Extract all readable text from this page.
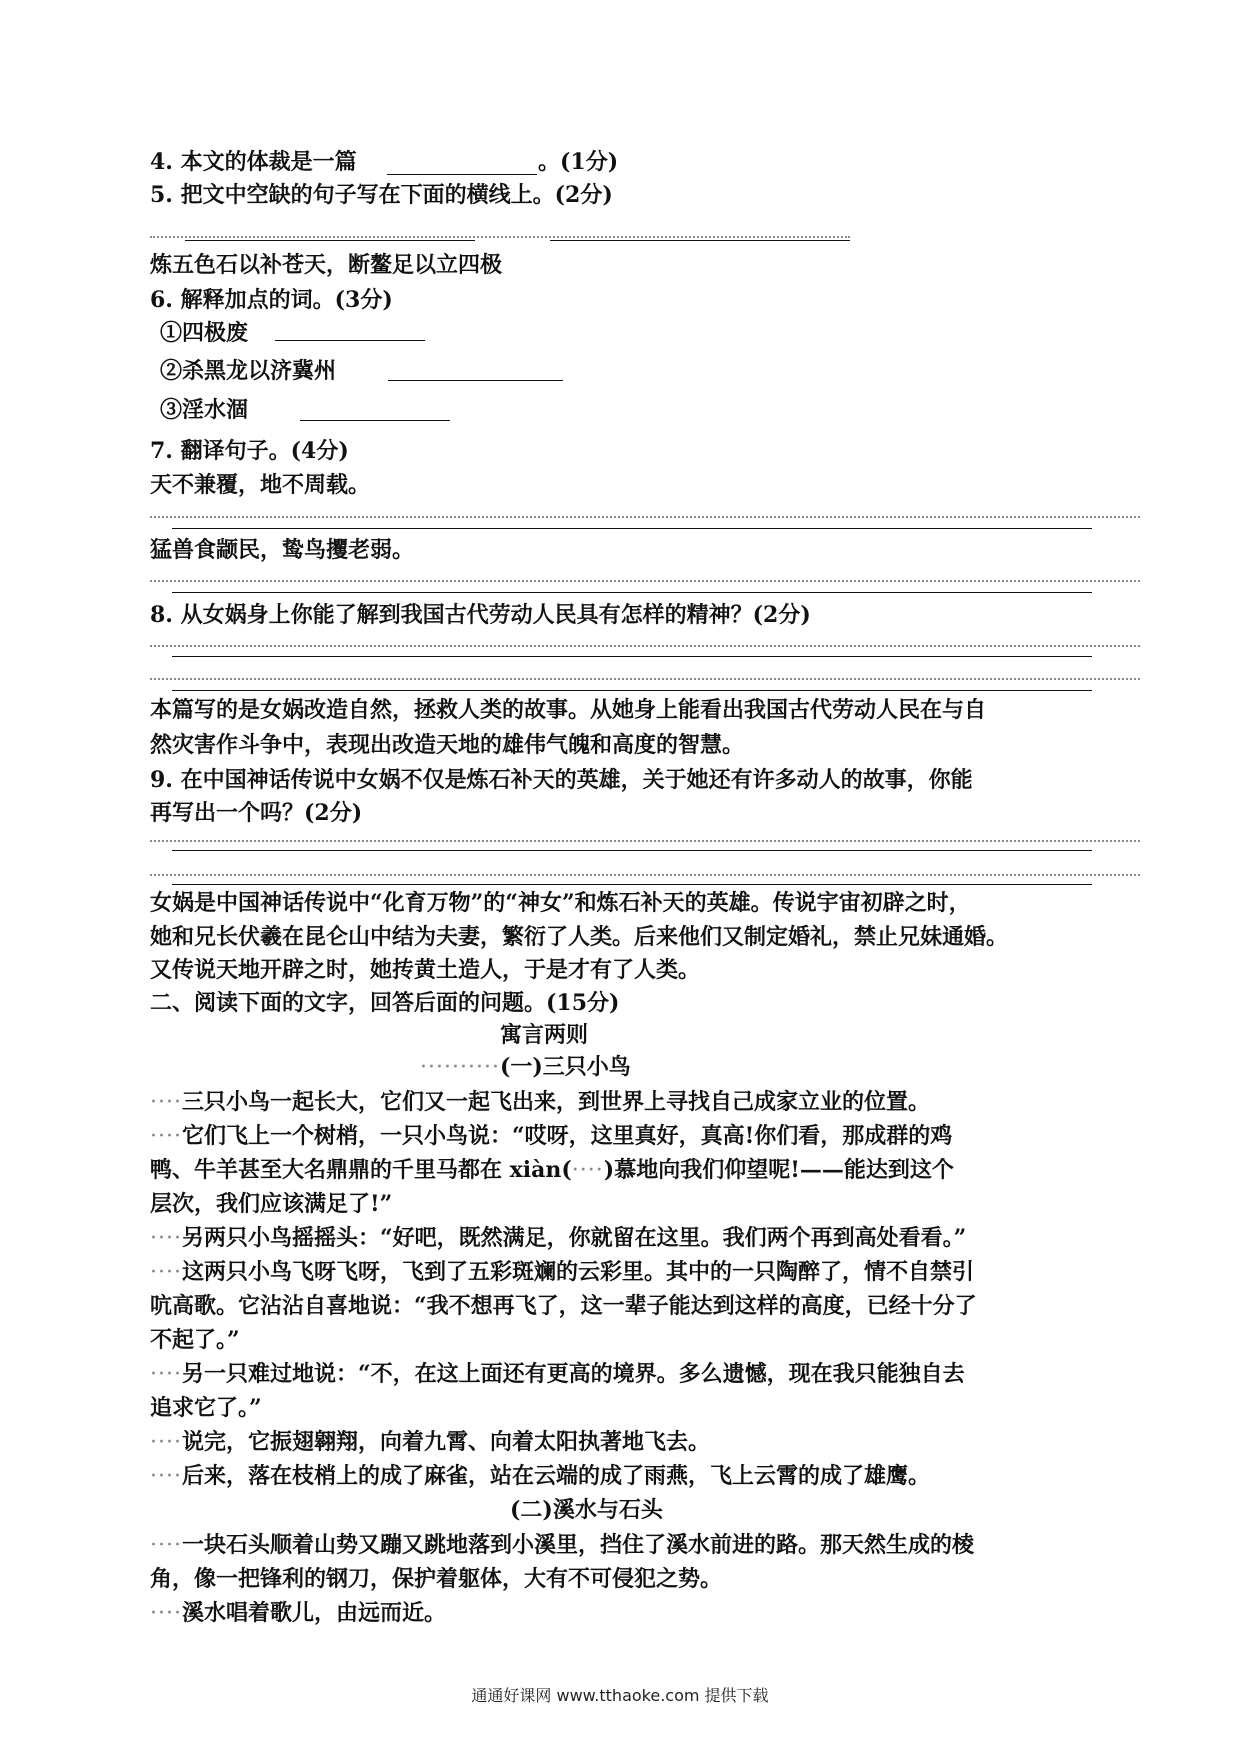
4. 本文的体裁是一篇	。(1分)
5. 把文中空缺的句子写在下面的横线上。(2分)
炼五色石以补苍天，断鳌足以立四极
6. 解释加点的词。(3分)
①四极废
②杀黑龙以济冀州
③淫水涸
7. 翻译句子。(4分)
天不兼覆，地不周载。
猛兽食颛民，鸷鸟攫老弱。
8. 从女娲身上你能了解到我国古代劳动人民具有怎样的精神？(2分)
本篇写的是女娲改造自然，拯救人类的故事。从她身上能看出我国古代劳动人民在与自
然灾害作斗争中，表现出改造天地的雄伟气魄和高度的智慧。
9. 在中国神话传说中女娲不仅是炼石补天的英雄，关于她还有许多动人的故事，你能
再写出一个吗？(2分)
女娲是中国神话传说中“化育万物”的“神女”和炼石补天的英雄。传说宇宙初辟之时，
她和兄长伏羲在昆仑山中结为夫妻，繁衍了人类。后来他们又制定婚礼，禁止兄妹通婚。
又传说天地开辟之时，她抟黄土造人，于是才有了人类。
二、阅读下面的文字，回答后面的问题。(15分)
寓言两则
··········(一)三只小鸟
····三只小鸟一起长大，它们又一起飞出来，到世界上寻找自己成家立业的位置。
····它们飞上一个树梢，一只小鸟说：“哎呀，这里真好，真高!你们看，那成群的鸡
鸭、牛羊甚至大名鼎鼎的千里马都在 xiàn(····)慕地向我们仰望呢!——能达到这个
层次，我们应该满足了!”
····另两只小鸟摇摇头：“好吧，既然满足，你就留在这里。我们两个再到高处看看。”
····这两只小鸟飞呀飞呀，飞到了五彩斑斓的云彩里。其中的一只陶醉了，情不自禁引
吭高歌。它沾沾自喜地说：“我不想再飞了，这一辈子能达到这样的高度，已经十分了
不起了。”
····另一只难过地说：“不，在这上面还有更高的境界。多么遗憾，现在我只能独自去
追求它了。”
····说完，它振翅翱翔，向着九霄、向着太阳执著地飞去。
····后来，落在枝梢上的成了麻雀，站在云端的成了雨燕，飞上云霄的成了雄鹰。
(二)溪水与石头
····一块石头顺着山势又蹦又跳地落到小溪里，挡住了溪水前进的路。那天然生成的棱
角，像一把锋利的钢刀，保护着躯体，大有不可侵犯之势。
····溪水唱着歌儿，由远而近。
通通好课网 www.tthaoke.com 提供下载
